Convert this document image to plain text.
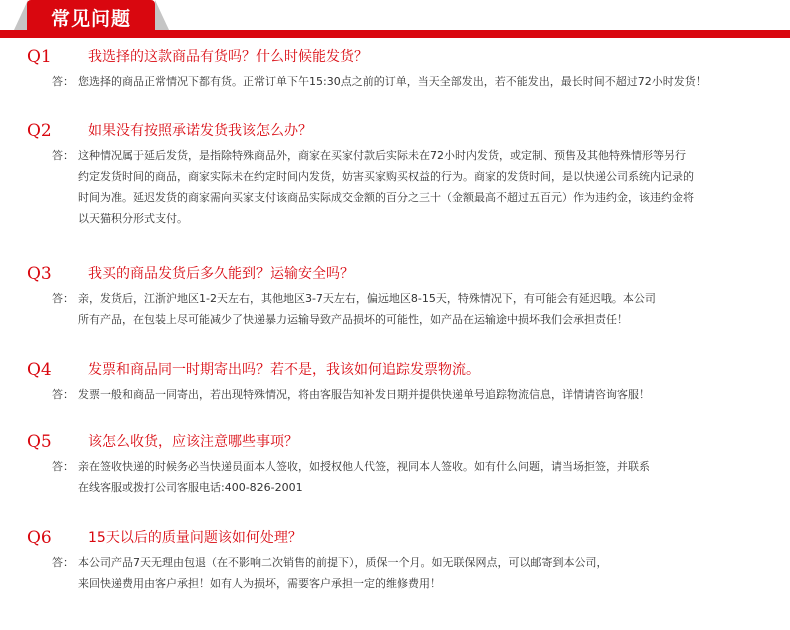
常见问题
Q1	我选择的这款商品有货吗？什么时候能发货？
答： 您选择的商品正常情况下都有货。正常订单下午15:30点之前的订单，当天全部发出，若不能发出，最长时间不超过72小时发货！
Q2	如果没有按照承诺发货我该怎么办？
答： 这种情况属于延后发货，是指除特殊商品外，商家在买家付款后实际未在72小时内发货，或定制、预售及其他特殊情形等另行
约定发货时间的商品，商家实际未在约定时间内发货，妨害买家购买权益的行为。商家的发货时间，是以快递公司系统内记录的
时间为准。延迟发货的商家需向买家支付该商品实际成交金额的百分之三十（金额最高不超过五百元）作为违约金，该违约金将
以天猫积分形式支付。
Q3	我买的商品发货后多久能到？运输安全吗？
答： 亲，发货后，江浙沪地区1-2天左右，其他地区3-7天左右，偏远地区8-15天，特殊情况下，有可能会有延迟哦。本公司
所有产品，在包装上尽可能减少了快递暴力运输导致产品损坏的可能性，如产品在运输途中损坏我们会承担责任！
Q4	发票和商品同一时期寄出吗？若不是，我该如何追踪发票物流。
答： 发票一般和商品一同寄出，若出现特殊情况，将由客服告知补发日期并提供快递单号追踪物流信息，详情请咨询客服！
Q5	该怎么收货，应该注意哪些事项？
答： 亲在签收快递的时候务必当快递员面本人签收，如授权他人代签，视同本人签收。如有什么问题，请当场拒签，并联系
在线客服或拨打公司客服电话:400-826-2001
Q6	15天以后的质量问题该如何处理？
答： 本公司产品7天无理由包退（在不影响二次销售的前提下），质保一个月。如无联保网点，可以邮寄到本公司，
来回快递费用由客户承担！如有人为损坏，需要客户承担一定的维修费用！
